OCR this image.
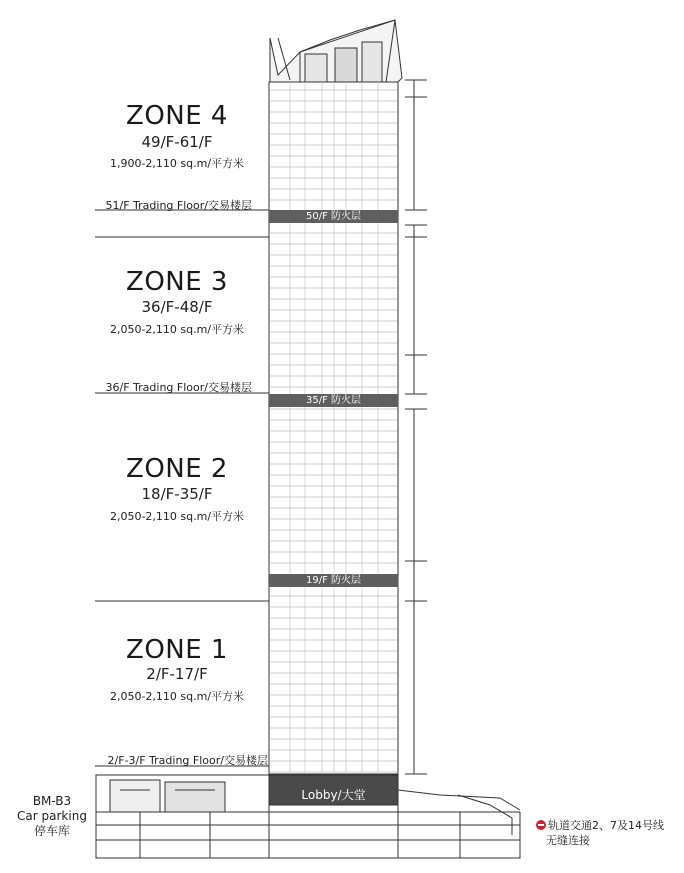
ZONE 4
49/F-61/F
1,900-2,110 sq.m/平方米
ZONE 3
36/F-48/F
2,050-2,110 sq.m/平方米
ZONE 2
18/F-35/F
2,050-2,110 sq.m/平方米
ZONE 1
2/F-17/F
2,050-2,110 sq.m/平方米
51/F Trading Floor/交易楼层
36/F Trading Floor/交易楼层
2/F-3/F Trading Floor/交易楼层
50/F 防火层
35/F 防火层
19/F 防火层
Lobby/大堂
BM-B3
Car parking
停车库	轨道交通2、7及14号线
无缝连接
